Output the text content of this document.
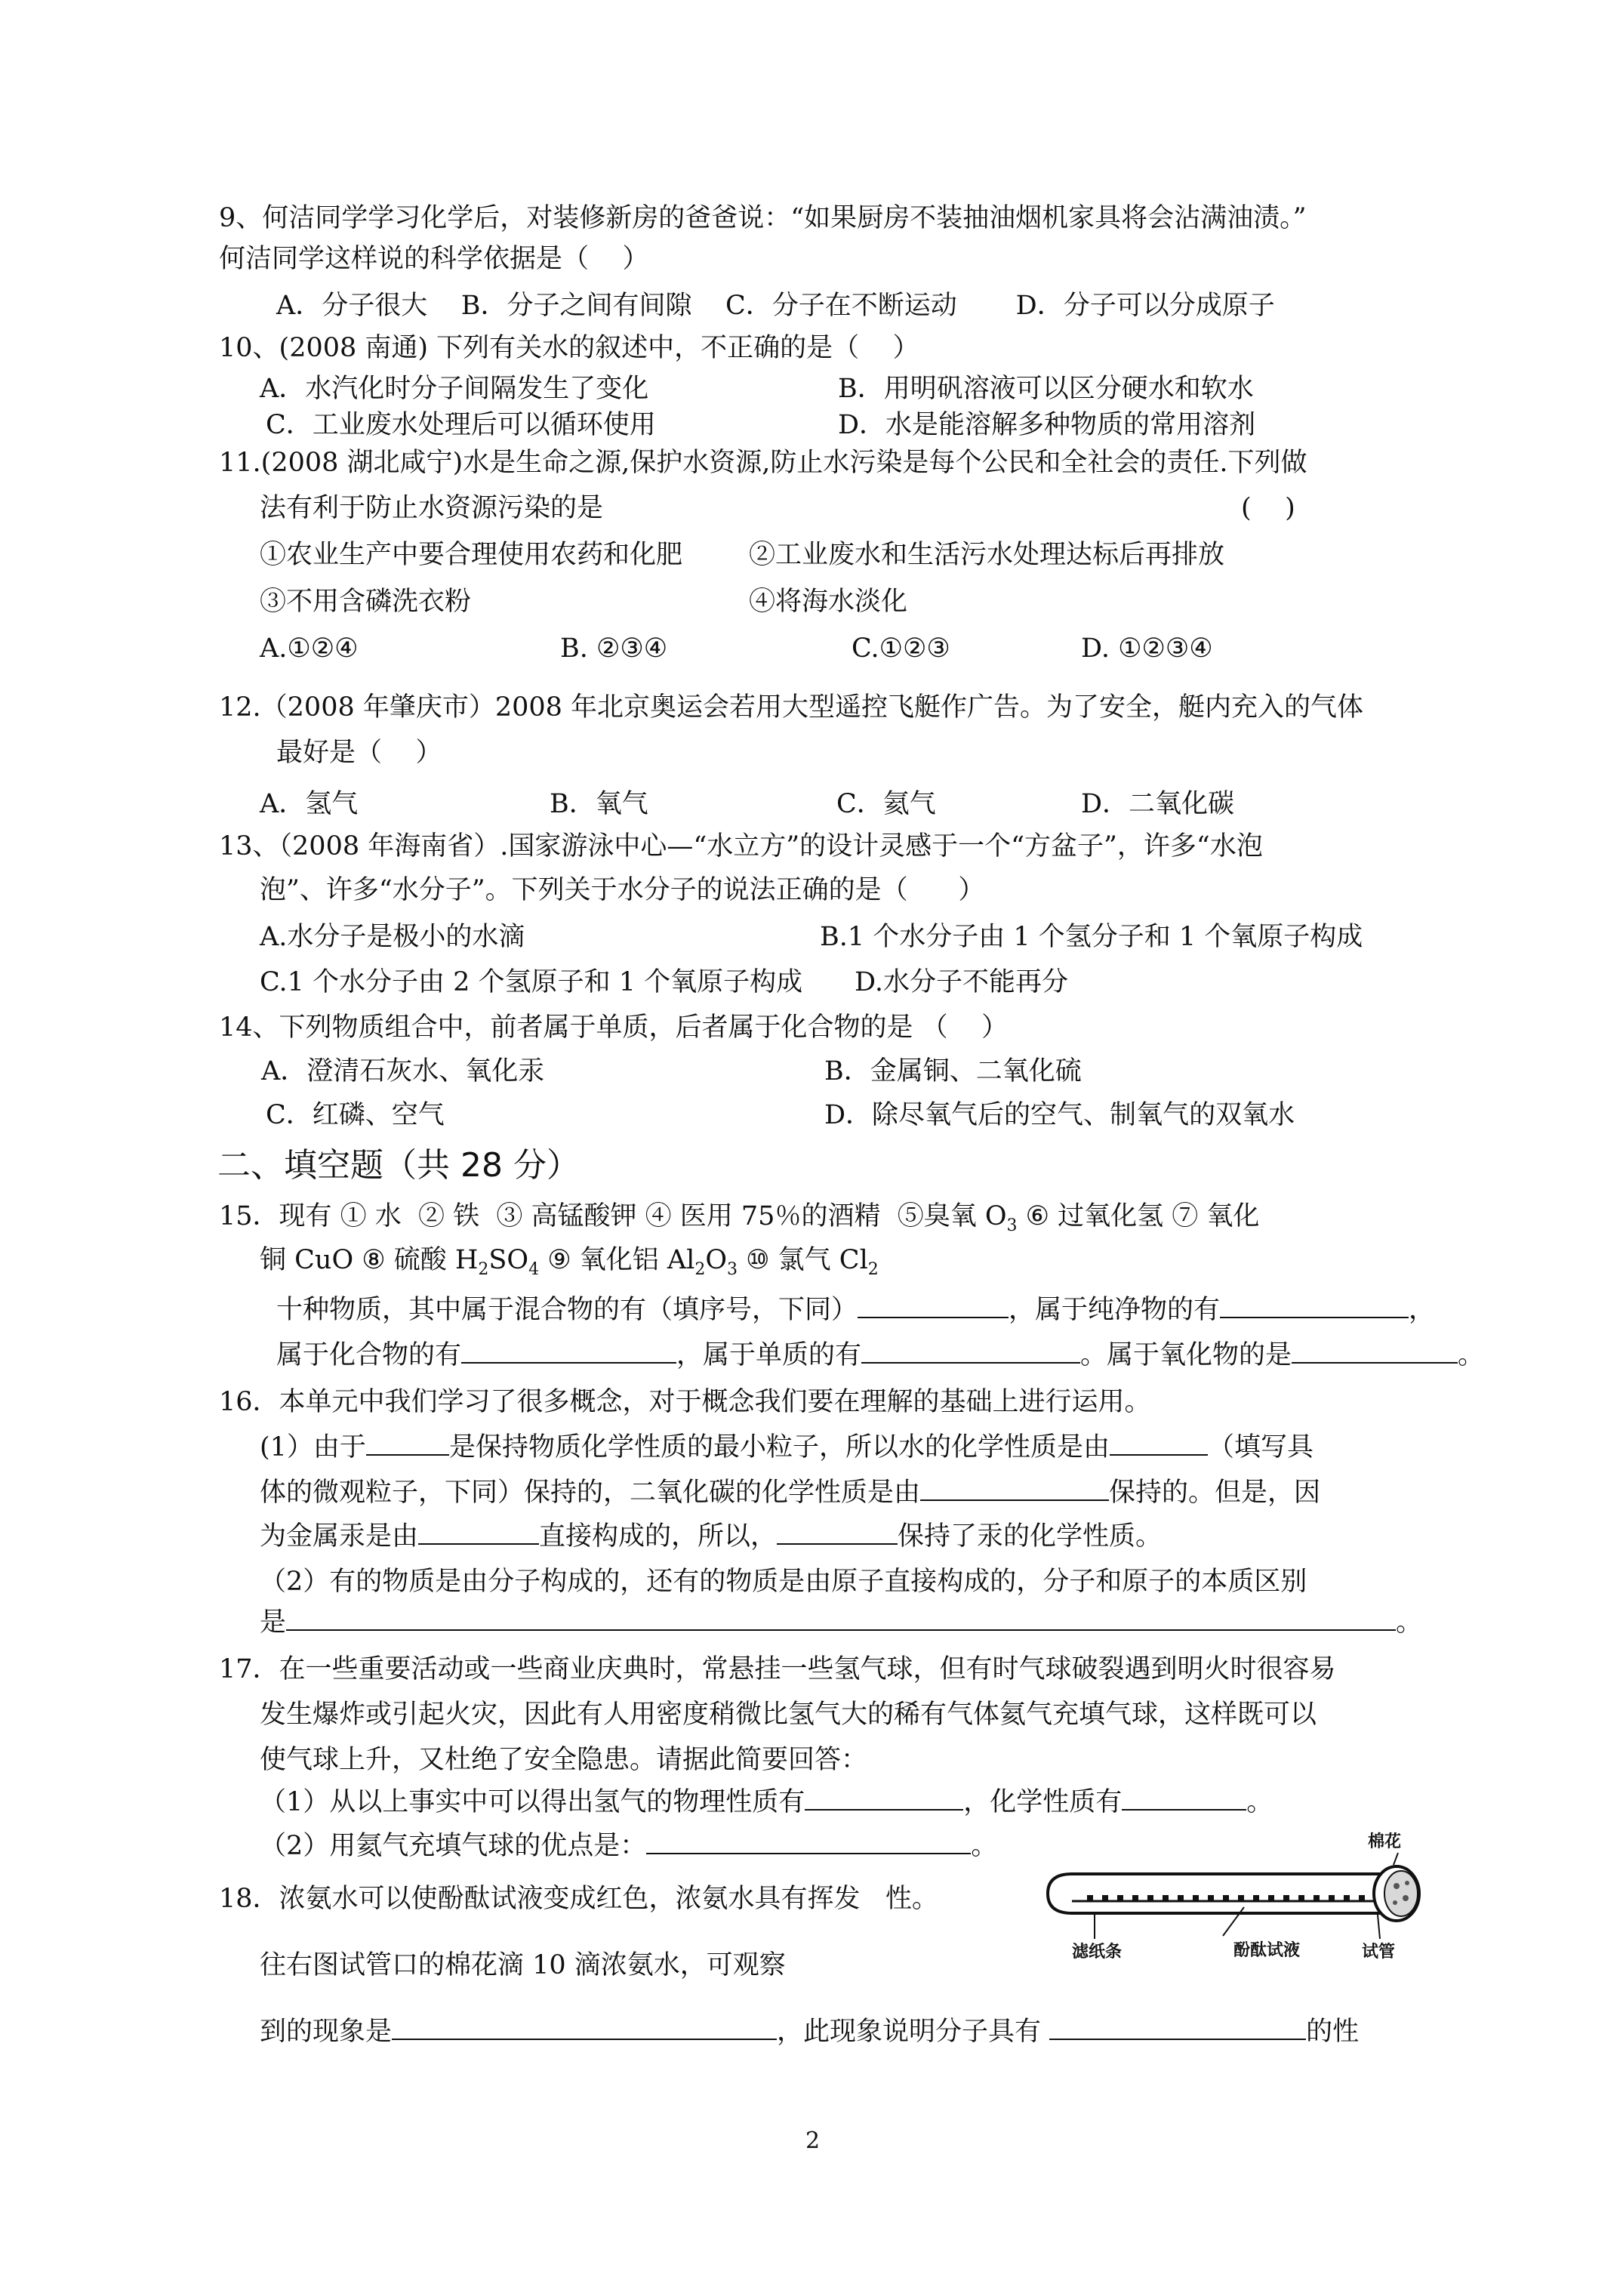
9、何洁同学学习化学后，对装修新房的爸爸说：“如果厨房不装抽油烟机家具将会沾满油渍。”
何洁同学这样说的科学依据是（    ）
A．分子很大    B．分子之间有间隙    C．分子在不断运动       D．分子可以分成原子
10、(2008 南通) 下列有关水的叙述中，不正确的是（    ）
A．水汽化时分子间隔发生了变化	B．用明矾溶液可以区分硬水和软水
C．工业废水处理后可以循环使用	D．水是能溶解多种物质的常用溶剂
11.(2008 湖北咸宁)水是生命之源,保护水资源,防止水污染是每个公民和全社会的责任.下列做
法有利于防止水资源污染的是	(    )
①农业生产中要合理使用农药和化肥	②工业废水和生活污水处理达标后再排放
③不用含磷洗衣粉	④将海水淡化
A.①②④	B. ②③④	C.①②③	D. ①②③④
12.（2008 年肇庆市）2008 年北京奥运会若用大型遥控飞艇作广告。为了安全，艇内充入的气体
最好是（    ）
A．氢气	B．氧气	C．氦气	D．二氧化碳
13、（2008 年海南省）.国家游泳中心—“水立方”的设计灵感于一个“方盆子”，许多“水泡
泡”、许多“水分子”。下列关于水分子的说法正确的是（      ）
A.水分子是极小的水滴	B.1 个水分子由 1 个氢分子和 1 个氧原子构成
C.1 个水分子由 2 个氢原子和 1 个氧原子构成 D.水分子不能再分
14、下列物质组合中，前者属于单质，后者属于化合物的是 （    ）
A．澄清石灰水、氧化汞	B．金属铜、二氧化硫
C．红磷、空气	D．除尽氧气后的空气、制氧气的双氧水
二、填空题（共 28 分）
15．现有 ① 水  ② 铁  ③ 高锰酸钾 ④ 医用 75％的酒精  ⑤臭氧 $O_3$ ⑥ 过氧化氢 ⑦ 氧化
铜 CuO ⑧ 硫酸 $H_2SO_4$ ⑨ 氧化铝 $Al_2O_3$ ⑩ 氯气 $Cl_2$
十种物质，其中属于混合物的有（填序号，下同）	，属于纯净物的有	，
属于化合物的有	，属于单质的有	。属于氧化物的是	。
16．本单元中我们学习了很多概念，对于概念我们要在理解的基础上进行运用。
(1）由于	是保持物质化学性质的最小粒子，所以水的化学性质是由	（填写具
体的微观粒子，下同）保持的，二氧化碳的化学性质是由	保持的。但是，因
为金属汞是由	直接构成的，所以，	保持了汞的化学性质。
（2）有的物质是由分子构成的，还有的物质是由原子直接构成的，分子和原子的本质区别
是	。
17．在一些重要活动或一些商业庆典时，常悬挂一些氢气球，但有时气球破裂遇到明火时很容易
发生爆炸或引起火灾，因此有人用密度稍微比氢气大的稀有气体氦气充填气球，这样既可以
使气球上升，又杜绝了安全隐患。请据此简要回答：
（1）从以上事实中可以得出氢气的物理性质有	，化学性质有	。
（2）用氦气充填气球的优点是：	。
18．浓氨水可以使酚酞试液变成红色，浓氨水具有挥发   性。
往右图试管口的棉花滴 10 滴浓氨水，可观察
到的现象是	，此现象说明分子具有	的性
.
.	棉花
滤纸条	酚酞试液	试管
2
